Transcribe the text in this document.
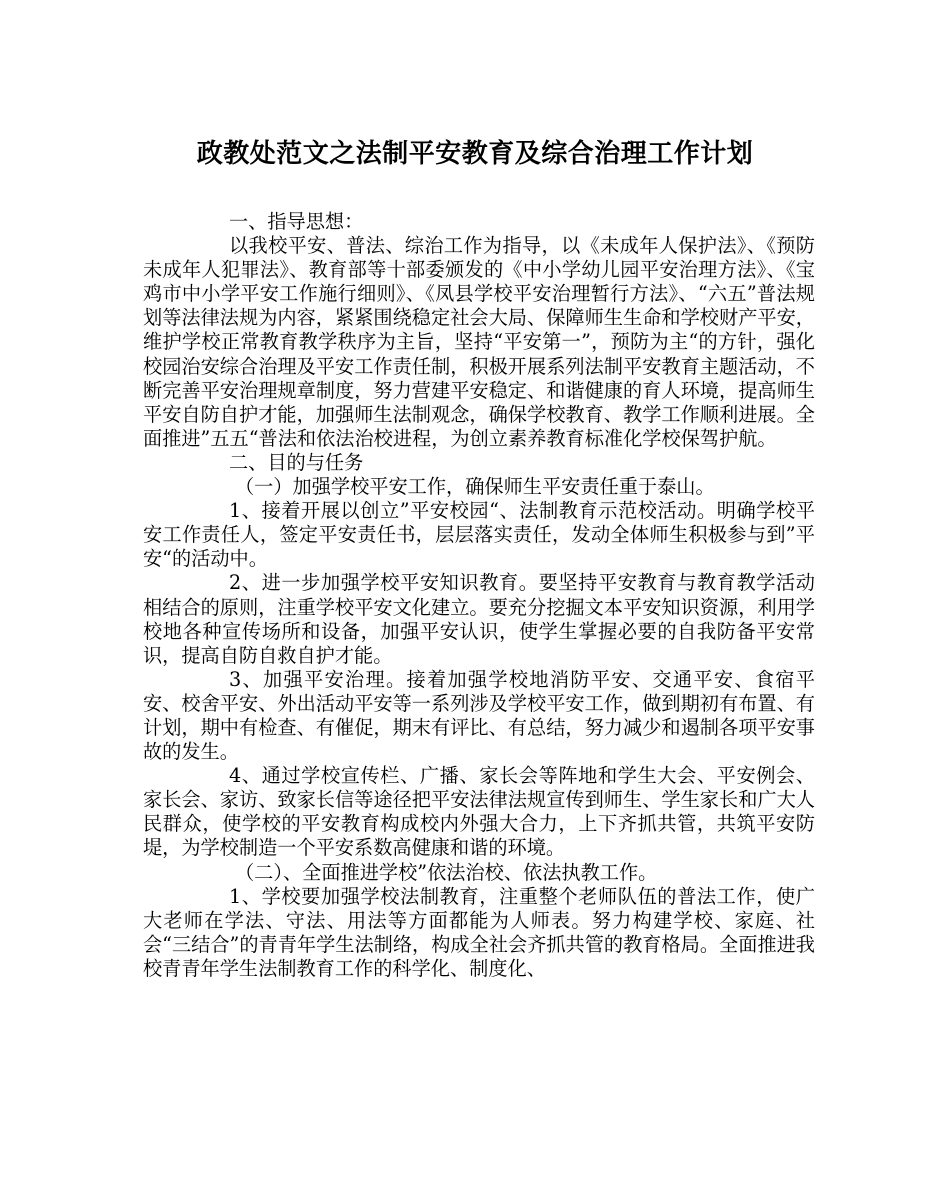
政教处范文之法制平安教育及综合治理工作计划

一、指导思想：

以我校平安、普法、综治工作为指导，以《未成年人保护法》、《预防未成年人犯罪法》、教育部等十部委颁发的《中小学幼儿园平安治理方法》、《宝鸡市中小学平安工作施行细则》、《凤县学校平安治理暂行方法》、“六五”普法规划等法律法规为内容，紧紧围绕稳定社会大局、保障师生生命和学校财产平安，维护学校正常教育教学秩序为主旨，坚持“平安第一”，预防为主“的方针，强化校园治安综合治理及平安工作责任制，积极开展系列法制平安教育主题活动，不断完善平安治理规章制度，努力营建平安稳定、和谐健康的育人环境，提高师生平安自防自护才能，加强师生法制观念，确保学校教育、教学工作顺利进展。全面推进”五五“普法和依法治校进程，为创立素养教育标准化学校保驾护航。

二、目的与任务

（一）加强学校平安工作，确保师生平安责任重于泰山。

1、接着开展以创立”平安校园“、法制教育示范校活动。明确学校平安工作责任人，签定平安责任书，层层落实责任，发动全体师生积极参与到”平安“的活动中。

2、进一步加强学校平安知识教育。要坚持平安教育与教育教学活动相结合的原则，注重学校平安文化建立。要充分挖掘文本平安知识资源，利用学校地各种宣传场所和设备，加强平安认识，使学生掌握必要的自我防备平安常识，提高自防自救自护才能。

3、加强平安治理。接着加强学校地消防平安、交通平安、食宿平安、校舍平安、外出活动平安等一系列涉及学校平安工作，做到期初有布置、有计划，期中有检查、有催促，期末有评比、有总结，努力减少和遏制各项平安事故的发生。

4、通过学校宣传栏、广播、家长会等阵地和学生大会、平安例会、家长会、家访、致家长信等途径把平安法律法规宣传到师生、学生家长和广大人民群众，使学校的平安教育构成校内外强大合力，上下齐抓共管，共筑平安防堤，为学校制造一个平安系数高健康和谐的环境。

（二）、全面推进学校”依法治校、依法执教工作。

1、学校要加强学校法制教育，注重整个老师队伍的普法工作，使广大老师在学法、守法、用法等方面都能为人师表。努力构建学校、家庭、社会“三结合”的青青年学生法制络，构成全社会齐抓共管的教育格局。全面推进我校青青年学生法制教育工作的科学化、制度化、
